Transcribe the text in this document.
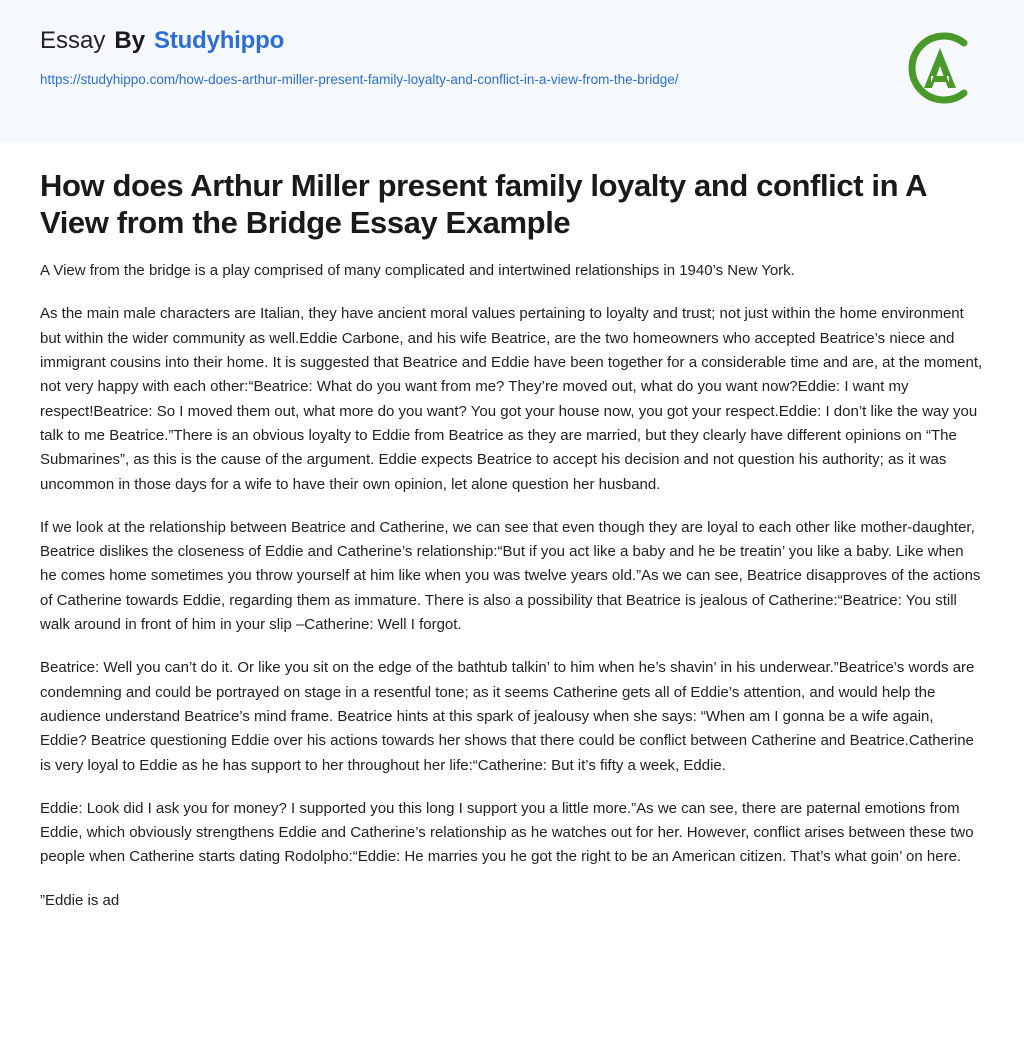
Essay By Studyhippo
https://studyhippo.com/how-does-arthur-miller-present-family-loyalty-and-conflict-in-a-view-from-the-bridge/
How does Arthur Miller present family loyalty and conflict in A View from the Bridge Essay Example

A View from the bridge is a play comprised of many complicated and intertwined relationships in 1940’s New York.

As the main male characters are Italian, they have ancient moral values pertaining to loyalty and trust; not just within the home environment but within the wider community as well.Eddie Carbone, and his wife Beatrice, are the two homeowners who accepted Beatrice’s niece and immigrant cousins into their home. It is suggested that Beatrice and Eddie have been together for a considerable time and are, at the moment, not very happy with each other:“Beatrice: What do you want from me? They’re moved out, what do you want now?Eddie: I want my respect!Beatrice: So I moved them out, what more do you want? You got your house now, you got your respect.Eddie: I don’t like the way you talk to me Beatrice.”There is an obvious loyalty to Eddie from Beatrice as they are married, but they clearly have different opinions on “The Submarines”, as this is the cause of the argument. Eddie expects Beatrice to accept his decision and not question his authority; as it was uncommon in those days for a wife to have their own opinion, let alone question her husband.

If we look at the relationship between Beatrice and Catherine, we can see that even though they are loyal to each other like mother-daughter, Beatrice dislikes the closeness of Eddie and Catherine’s relationship:“But if you act like a baby and he be treatin’ you like a baby. Like when he comes home sometimes you throw yourself at him like when you was twelve years old.”As we can see, Beatrice disapproves of the actions of Catherine towards Eddie, regarding them as immature. There is also a possibility that Beatrice is jealous of Catherine:“Beatrice: You still walk around in front of him in your slip –Catherine: Well I forgot.

Beatrice: Well you can’t do it. Or like you sit on the edge of the bathtub talkin’ to him when he’s shavin’ in his underwear.”Beatrice’s words are condemning and could be portrayed on stage in a resentful tone; as it seems Catherine gets all of Eddie’s attention, and would help the audience understand Beatrice’s mind frame. Beatrice hints at this spark of jealousy when she says: “When am I gonna be a wife again, Eddie? Beatrice questioning Eddie over his actions towards her shows that there could be conflict between Catherine and Beatrice.Catherine is very loyal to Eddie as he has support to her throughout her life:“Catherine: But it’s fifty a week, Eddie.

Eddie: Look did I ask you for money? I supported you this long I support you a little more.”As we can see, there are paternal emotions from Eddie, which obviously strengthens Eddie and Catherine’s relationship as he watches out for her. However, conflict arises between these two people when Catherine starts dating Rodolpho:“Eddie: He marries you he got the right to be an American citizen. That’s what goin’ on here.

”Eddie is ad
